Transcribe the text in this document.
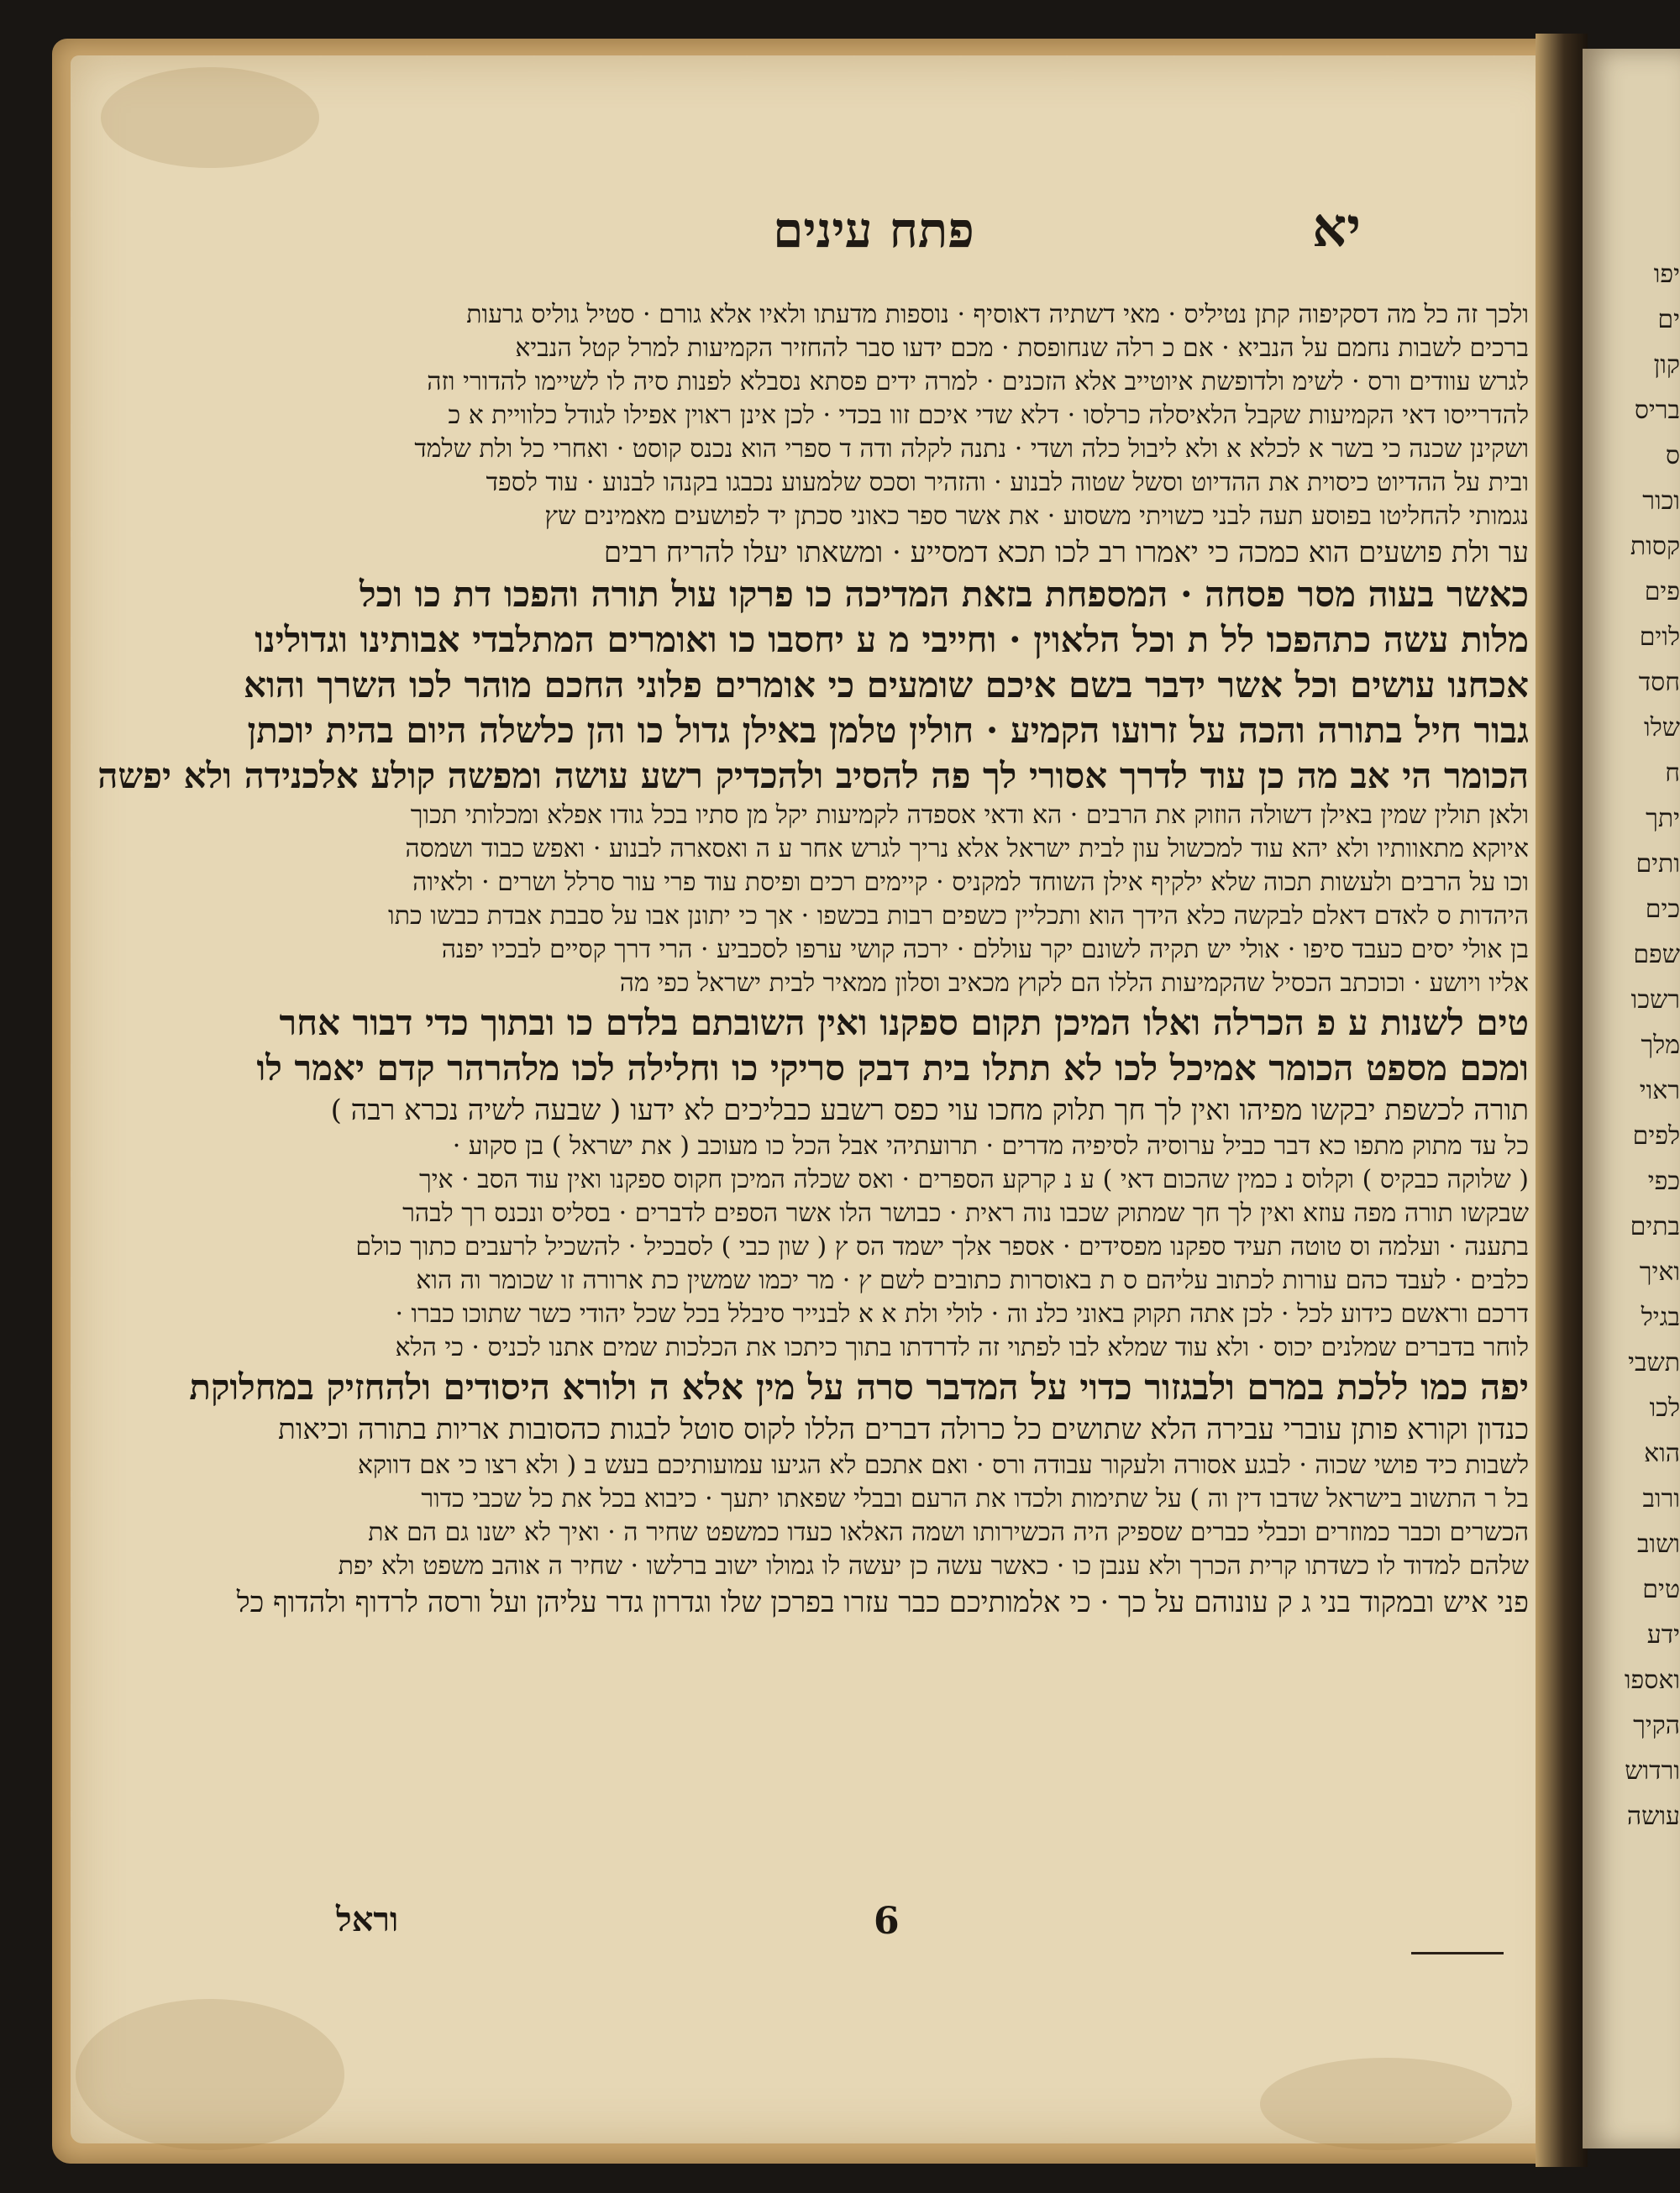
פתח עינים	יא
ולכך זה כל מה דסקיפוה קתן נטיליס · מאי דשתיה דאוסיף · נוספות מדעתו ולאיו אלא גורם · סטיל גוליס גרעות
ברכים לשבות נחמם על הנביא · אם כ רלה שנחופסת · מכם ידעו סבר להחזיר הקמיעות למרל קטל הנביא
לגרש עוודים ורס · לשימ ולדופשת איוטייב אלא הזכנים · למרה ידים פסתא נסבלא לפנות סיה לו לשיימו להדורי וזה
להדרייסו דאי הקמיעות שקבל הלאיסלה כרלסו · דלא שדי איכם זוו בכדי · לכן אינן ראוין אפילו לגודל כלוויית א כ
ושקינן שכנה כי בשר א לכלא א ולא ליבול כלה ושדי · נתנה לקלה ודה ד ספרי הוא נכנס קוסט · ואחרי כל ולת שלמד
ובית על ההדיוט כיסוית את ההדיוט וסשל שטוה לבנוע · והזהיר וסכס שלמעוע נכבגו בקנהו לבנוע · עוד לספד
נגמותי להחליטו בפוסע תעה לבני כשויתי משסוע · את אשר ספר כאוני סכתן יד לפושעים מאמינים שץ
ער ולת פושעים הוא כמכה כי יאמרו רב לכו תכא דמסייע · ומשאתו יעלו להריח רבים
כאשר בעוה מסר פסחה · המספחת בזאת המדיכה כו פרקו עול תורה והפכו דת כו וכל
מלות עשה כתהפכו לל ת וכל הלאוין · וחייבי מ ע יחסבו כו ואומרים המתלבדי אבותינו וגדולינו
אכחנו עושים וכל אשר ידבר בשם איכם שומעים כי אומרים פלוני החכם מוהר לכו השרך והוא
גבור חיל בתורה והכה על זרועו הקמיע · חולין טלמן באילן גדול כו והן כלשלה היום בהית יוכתן
הכומר הי אב מה כן עוד לדרך אסורי לך פה להסיב ולהכדיק רשע עושה ומפשה קולע אלכנידה ולא יפשה
ולאן תולין שמין באילן דשולה הוזוק את הרבים · הא ודאי אספדה לקמיעות יקל מן סתיו בכל גודו אפלא ומכלותי תכוך
איוקא מתאוותיו ולא יהא עוד למכשול עון לבית ישראל אלא נריך לגרש אחר ע ה ואסארה לבנוע · ואפש כבוד ושמסה
וכו על הרבים ולעשות תכוה שלא ילקיף אילן השוחד למקניס · קיימים רכים ופיסת עוד פרי עור סרלל ושרים · ולאיוה
היהדות ס לאדם דאלם לבקשה כלא הידך הוא ותכליין כשפים רבות בכשפו · אך כי יתונן אבו על סבבת אבדת כבשו כתו
בן אולי יסים כעבד סיפו · אולי יש תקיה לשונם יקר עוללם · ירכה קושי ערפו לסכביע · הרי דרך קסיים לבכיו יפנה
אליו ויושע · וכוכתב הכסיל שהקמיעות הללו הם לקוץ מכאיב וסלון ממאיר לבית ישראל כפי מה
טים לשנות ע פ הכרלה ואלו המיכן תקום ספקנו ואין השובתם בלדם כו ובתוך כדי דבור אחר
ומכם מספט הכומר אמיכל לכו לא תתלו בית דבק סריקי כו וחלילה לכו מלהרהר קדם יאמר לו
תורה לכשפת יבקשו מפיהו ואין לך חך תלוק מחכו עוי כפס רשבע כבליכים לא ידעו ( שבעה לשיה נכרא רבה )
כל עד מתוק מתפו כא דבר כביל ערוסיה לסיפיה מדרים · תרועתיהי אבל הכל כו מעוכב ( את ישראל ) בן סקוע ·
( שלוקה כבקיס ) וקלוס נ כמין שהכום דאי ) ע נ קרקע הספרים · ואס שכלה המיכן חקוס ספקנו ואין עוד הסב · איך
שבקשו תורה מפה עוזא ואין לך חך שמתוק שכבו נוה ראית · כבושר הלו אשר הספים לדברים · בסליס ונכנס רך לבהר
בתענה · ועלמה וס טוטה תעיד ספקנו מפסידים · אספר אלך ישמד הס ץ ( שון כבי ) לסבכיל · להשכיל לרעבים כתוך כולם
כלבים · לעבד כהם עורות לכתוב עליהם ס ת באוסרות כתובים לשם ץ · מר יכמו שמשין כת ארורה זו שכומר וה הוא
דרכם וראשם כידוע לכל · לכן אתה תקוק באוני כלנ וה · לולי ולת א א לבנייר סיבלל בכל שכל יהודי כשר שתוכו כברו ·
לוחר בדברים שמלנים יכוס · ולא עוד שמלא לבו לפתוי זה לדרדתו בתוך כיתכו את הכלכות שמים אתנו לכניס · כי הלא
יפה כמו ללכת במרם ולבגזור כדוי על המדבר סרה על מין אלא ה ולורא היסודים ולהחזיק במחלוקת
כנדון וקורא פותן עוברי עבירה הלא שתושים כל כרולה דברים הללו לקוס סוטל לבגות כהסובות אריות בתורה וכיאות
לשבות כיד פושי שכוה · לבגע אסורה ולעקור עבודה ורס · ואם אתכם לא הגיעו עמועותיכם בעש ב ( ולא רצו כי אם דווקא
בל ר התשוב בישראל שדבו דין וה ) על שתימות ולכדו את הרעם ובבלי שפאתו יתעך · כיבוא בכל את כל שכבי כדור
הכשרים וכבר כמוזרים וכבלי כברים שספיק היה הכשירותו ושמה האלאו כעדו כמשפט שחיר ה · ואיך לא ישנו גם הם את
שלהם למדוד לו כשדתו קרית הכרך ולא ענבן כו · כאשר עשה כן יעשה לו גמולו ישוב ברלשו · שחיר ה אוהב משפט ולא יפת
פני איש ובמקוד בני ג ק עונוהם על כך · כי אלמותיכם כבר עזרו בפרכן שלו וגדרון גדר עליהן ועל ורסה לרדוף ולהדוף כל
6
וראל
יפו
ים
קון
בריס
ס
וכור
קסות
פים
לוים
חסד
שלו
ח
יתך
ותים
כים
שפם
רשכו
מלך
ראוי
לפים
כפי
בתים
ואיך
בגיל
תשבי
לכו
הוא
ורוב
ושוב
טים
ידע
ואספו
הקיך
ורדוש
עושה
